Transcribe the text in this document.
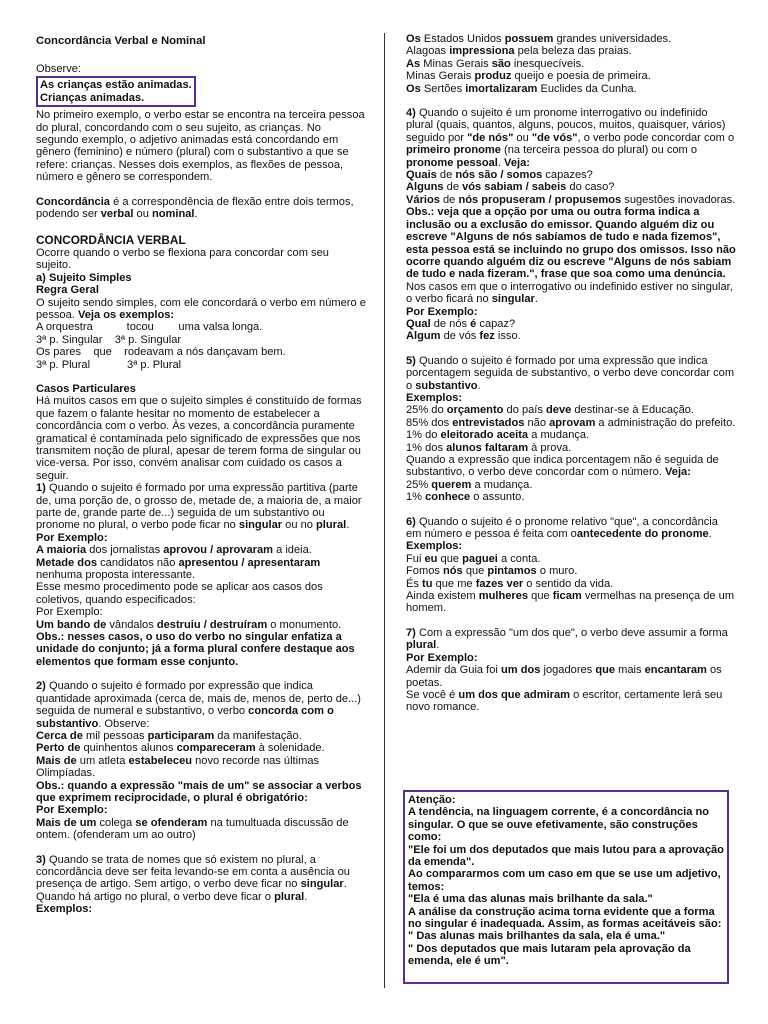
Concordância Verbal e Nominal

Observe:

As crianças estão animadas.

Crianças animadas.

No primeiro exemplo, o verbo estar se encontra na terceira pessoa do plural, concordando com o seu sujeito, as crianças. No segundo exemplo, o adjetivo animadas está concordando em gênero (feminino) e número (plural) com o substantivo a que se refere: crianças. Nesses dois exemplos, as flexões de pessoa, número e gênero se correspondem.

Concordância é a correspondência de flexão entre dois termos, podendo ser verbal ou nominal.

CONCORDÂNCIA VERBAL

Ocorre quando o verbo se flexiona para concordar com seu sujeito.

a) Sujeito Simples

Regra Geral

O sujeito sendo simples, com ele concordará o verbo em número e pessoa. Veja os exemplos:

A orquestra           tocou        uma valsa longa.

3ª p. Singular    3ª p. Singular

Os pares    que    rodeavam a nós dançavam bem.

3ª p. Plural            3ª p. Plural

Casos Particulares

Há muitos casos em que o sujeito simples é constituído de formas que fazem o falante hesitar no momento de estabelecer a concordância com o verbo. Às vezes, a concordância puramente gramatical é contaminada pelo significado de expressões que nos transmitem noção de plural, apesar de terem forma de singular ou vice-versa. Por isso, convém analisar com cuidado os casos a seguir.

1) Quando o sujeito é formado por uma expressão partitiva (parte de, uma porção de, o grosso de, metade de, a maioria de, a maior parte de, grande parte de...) seguida de um substantivo ou pronome no plural, o verbo pode ficar no singular ou no plural.

Por Exemplo:

A maioria dos jornalistas aprovou / aprovaram a ideia.

Metade dos candidatos não apresentou / apresentaram nenhuma proposta interessante.

Esse mesmo procedimento pode se aplicar aos casos dos coletivos, quando especificados:

Por Exemplo:

Um bando de vândalos destruiu / destruíram o monumento.

Obs.: nesses casos, o uso do verbo no singular enfatiza a unidade do conjunto; já a forma plural confere destaque aos elementos que formam esse conjunto.

2) Quando o sujeito é formado por expressão que indica quantidade aproximada (cerca de, mais de, menos de, perto de...) seguida de numeral e substantivo, o verbo concorda com o substantivo. Observe:

Cerca de mil pessoas participaram da manifestação.

Perto de quinhentos alunos compareceram à solenidade.

Mais de um atleta estabeleceu novo recorde nas últimas Olimpíadas.

Obs.: quando a expressão "mais de um" se associar a verbos que exprimem reciprocidade, o plural é obrigatório:

Por Exemplo:

Mais de um colega se ofenderam na tumultuada discussão de ontem. (ofenderam um ao outro)

3) Quando se trata de nomes que só existem no plural, a concordância deve ser feita levando-se em conta a ausência ou presença de artigo. Sem artigo, o verbo deve ficar no singular. Quando há artigo no plural, o verbo deve ficar o plural.

Exemplos:

Os Estados Unidos possuem grandes universidades.

Alagoas impressiona pela beleza das praias.

As Minas Gerais são inesquecíveis.

Minas Gerais produz queijo e poesia de primeira.

Os Sertões imortalizaram Euclides da Cunha.

4) Quando o sujeito é um pronome interrogativo ou indefinido plural (quais, quantos, alguns, poucos, muitos, quaisquer, vários) seguido por "de nós" ou "de vós", o verbo pode concordar com o primeiro pronome (na terceira pessoa do plural) ou com o pronome pessoal. Veja:

Quais de nós são / somos capazes?

Alguns de vós sabiam / sabeis do caso?

Vários de nós propuseram / propusemos sugestões inovadoras.

Obs.: veja que a opção por uma ou outra forma indica a inclusão ou a exclusão do emissor. Quando alguém diz ou escreve "Alguns de nós sabíamos de tudo e nada fizemos", esta pessoa está se incluindo no grupo dos omissos. Isso não ocorre quando alguém diz ou escreve "Alguns de nós sabiam de tudo e nada fizeram.", frase que soa como uma denúncia.

Nos casos em que o interrogativo ou indefinido estiver no singular, o verbo ficará no singular.

Por Exemplo:

Qual de nós é capaz?

Algum de vós fez isso.

5) Quando o sujeito é formado por uma expressão que indica porcentagem seguida de substantivo, o verbo deve concordar com o substantivo.

Exemplos:

25% do orçamento do país deve destinar-se à Educação.

85% dos entrevistados não aprovam a administração do prefeito.

1% do eleitorado aceita a mudança.

1% dos alunos faltaram à prova.

Quando a expressão que indica porcentagem não é seguida de substantivo, o verbo deve concordar com o número. Veja:

25% querem a mudança.

1% conhece o assunto.

6) Quando o sujeito é o pronome relativo "que", a concordância em número e pessoa é feita com oantecedente do pronome.

Exemplos:

Fui eu que paguei a conta.

Fomos nós que pintamos o muro.

És tu que me fazes ver o sentido da vida.

Ainda existem mulheres que ficam vermelhas na presença de um homem.

7) Com a expressão "um dos que", o verbo deve assumir a forma plural.

Por Exemplo:

Ademir da Guia foi um dos jogadores que mais encantaram os poetas.

Se você é um dos que admiram o escritor, certamente lerá seu novo romance.

Atenção:

A tendência, na linguagem corrente, é a concordância no singular. O que se ouve efetivamente, são construções como:

"Ele foi um dos deputados que mais lutou para a aprovação da emenda".

Ao compararmos com um caso em que se use um adjetivo, temos:

"Ela é uma das alunas mais brilhante da sala."

A análise da construção acima torna evidente que a forma no singular é inadequada. Assim, as formas aceitáveis são:

" Das alunas mais brilhantes da sala, ela é uma."

" Dos deputados que mais lutaram pela aprovação da emenda, ele é um".
